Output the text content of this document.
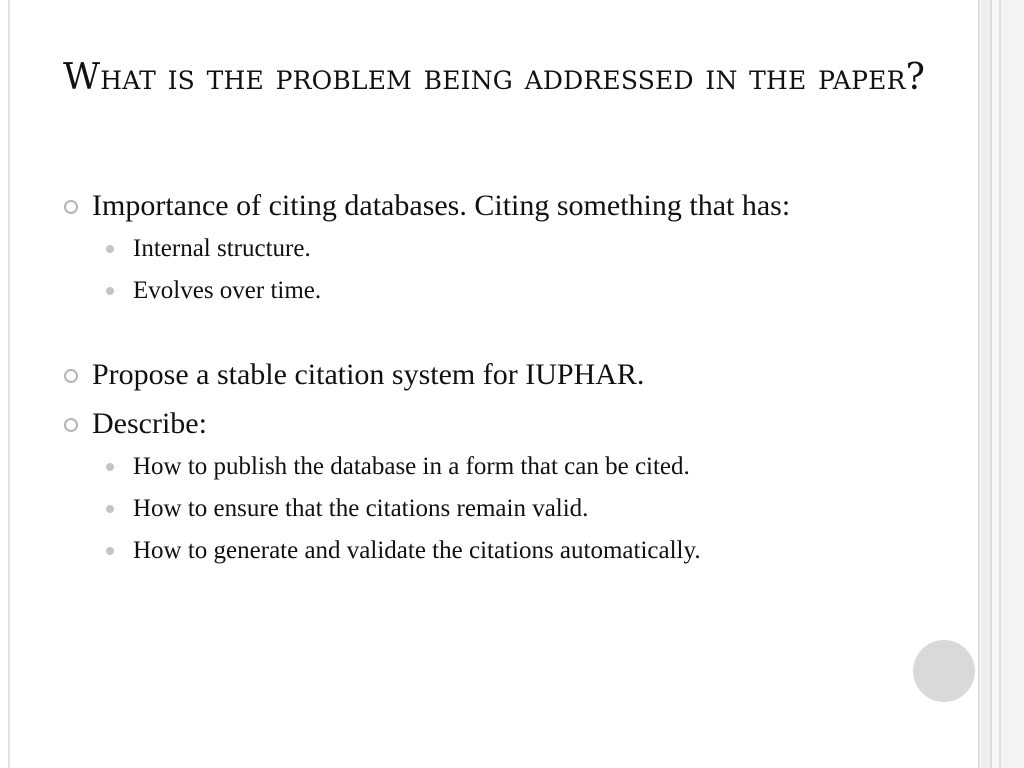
What is the problem being addressed in the paper?
Importance of citing databases. Citing something that has:
Internal structure.
Evolves over time.
Propose a stable citation system for IUPHAR.
Describe:
How to publish the database in a form that can be cited.
How to ensure that the citations remain valid.
How to generate and validate the citations automatically.
